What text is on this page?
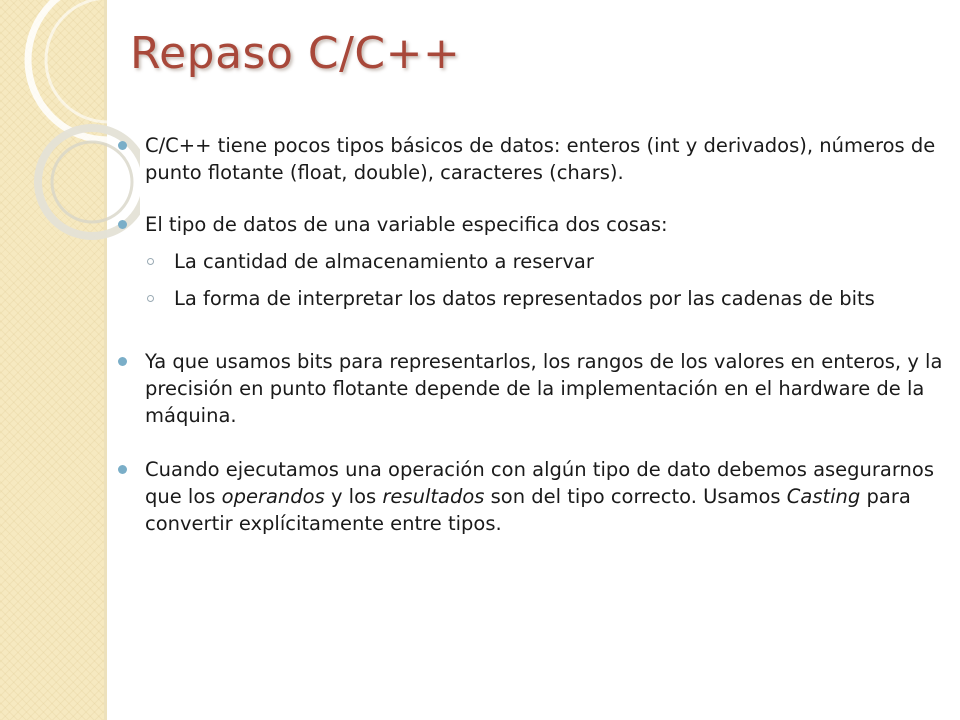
Repaso C/C++

C/C++ tiene pocos tipos básicos de datos: enteros (int y derivados), números de punto flotante (float, double), caracteres (chars).

El tipo de datos de una variable especifica dos cosas:

La cantidad de almacenamiento a reservar

La forma de interpretar los datos representados por las cadenas de bits

Ya que usamos bits para representarlos, los rangos de los valores en enteros, y la precisión en punto flotante depende de la implementación en el hardware de la máquina.

Cuando ejecutamos una operación con algún tipo de dato debemos asegurarnos que los operandos y los resultados son del tipo correcto. Usamos Casting para convertir explícitamente entre tipos.
